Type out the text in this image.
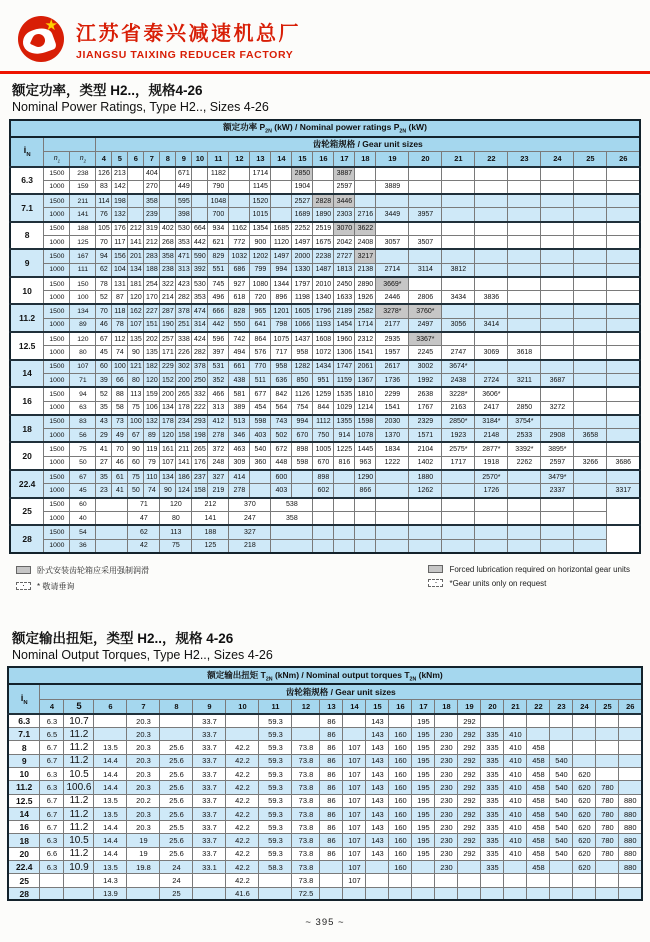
★ 江苏省泰兴减速机总厂
JIANGSU TAIXING REDUCER FACTORY
额定功率，类型 H2..，规格4-26
Nominal Power Ratings, Type H2.., Sizes 4-26
额定功率 $P_{2N}$ (kW) / Nominal power ratings $P_{2N}$ (kW)																									
$i_N$			齿轮箱规格 / Gear unit sizes																						
	$n_1$	$n_2$	4	5	6	7	8	9	10	11	12	13	14	15	16	17	18	19	20	21	22	23	24	25	26
6.3	1500	238	126	213		404		671		1182		1714		2850		3887									
	1000	159	83	142		270		449		790		1145		1904		2597		3889							
7.1	1500	211	114	198		358		595		1048		1520		2527	2828	3446									
	1000	141	76	132		239		398		700		1015		1689	1890	2303	2716	3449	3957						
8	1500	188	105	176	212	319	402	530	664	934	1162	1354	1685	2252	2519	3070	3622								
	1000	125	70	117	141	212	268	353	442	621	772	900	1120	1497	1675	2042	2408	3057	3507						
9	1500	167	94	156	201	283	358	471	590	829	1032	1202	1497	2000	2238	2727	3217								
	1000	111	62	104	134	188	238	313	392	551	686	799	994	1330	1487	1813	2138	2714	3114	3812					
10	1500	150	78	131	181	254	322	423	530	745	927	1080	1344	1797	2010	2450	2890	3669*							
	1000	100	52	87	120	170	214	282	353	496	618	720	896	1198	1340	1633	1926	2446	2806	3434	3836				
11.2	1500	134	70	118	162	227	287	378	474	666	828	965	1201	1605	1796	2189	2582	3278*	3760*						
	1000	89	46	78	107	151	190	251	314	442	550	641	798	1066	1193	1454	1714	2177	2497	3056	3414				
12.5	1500	120	67	112	135	202	257	338	424	596	742	864	1075	1437	1608	1960	2312	2935	3367*						
	1000	80	45	74	90	135	171	226	282	397	494	576	717	958	1072	1306	1541	1957	2245	2747	3069	3618			
14	1500	107	60	100	121	182	229	302	378	531	661	770	958	1282	1434	1747	2061	2617	3002	3674*					
	1000	71	39	66	80	120	152	200	250	352	438	511	636	850	951	1159	1367	1736	1992	2438	2724	3211	3687		
16	1500	94	52	88	113	159	200	265	332	466	581	677	842	1126	1259	1535	1810	2299	2638	3228*	3606*				
	1000	63	35	58	75	106	134	178	222	313	389	454	564	754	844	1029	1214	1541	1767	2163	2417	2850	3272		
18	1500	83	43	73	100	132	178	234	293	412	513	598	743	994	1112	1355	1598	2030	2329	2850*	3184*	3754*			
	1000	56	29	49	67	89	120	158	198	278	346	403	502	670	750	914	1078	1370	1571	1923	2148	2533	2908	3658	
20	1500	75	41	70	90	119	161	211	265	372	463	540	672	898	1005	1225	1445	1834	2104	2575*	2877*	3392*	3895*		
	1000	50	27	46	60	79	107	141	176	248	309	360	448	598	670	816	963	1222	1402	1717	1918	2262	2597	3266	3686
22.4	1500	67	35	61	75	110	134	186	237	327	414		600		898		1290		1880		2570*		3479*		
	1000	45	23	41	50	74	90	124	158	219	278		403		602		866		1262		1726		2337		3317
25	1500	60			71		120		212		370		538												
	1000	40			47		80		141		247		358												
28	1500	54			62		113		188		327														
	1000	36			42		75		125		218														
卧式安装齿轮箱应采用强制润滑
·	* 敬请垂询
Forced lubrication required on horizontal gear units
·	*Gear units only on request
额定输出扭矩，类型 H2..，规格 4-26
Nominal Output Torques, Type H2.., Sizes 4-26
额定输出扭矩 $T_{2N}$ (kNm) / Nominal output torques $T_{2N}$ (kNm)																							
$i_N$	齿轮箱规格 / Gear unit sizes																						
	4	5	6	7	8	9	10	11	12	13	14	15	16	17	18	19	20	21	22	23	24	25	26
6.3	6.3	10.7		20.3		33.7		59.3		86		143		195		292							
7.1	6.5	11.2		20.3		33.7		59.3		86		143	160	195	230	292	335	410					
8	6.7	11.2	13.5	20.3	25.6	33.7	42.2	59.3	73.8	86	107	143	160	195	230	292	335	410	458				
9	6.7	11.2	14.4	20.3	25.6	33.7	42.2	59.3	73.8	86	107	143	160	195	230	292	335	410	458	540			
10	6.3	10.5	14.4	20.3	25.6	33.7	42.2	59.3	73.8	86	107	143	160	195	230	292	335	410	458	540	620		
11.2	6.3	100.6	14.4	20.3	25.6	33.7	42.2	59.3	73.8	86	107	143	160	195	230	292	335	410	458	540	620	780	
12.5	6.7	11.2	13.5	20.2	25.6	33.7	42.2	59.3	73.8	86	107	143	160	195	230	292	335	410	458	540	620	780	880
14	6.7	11.2	13.5	20.3	25.6	33.7	42.2	59.3	73.8	86	107	143	160	195	230	292	335	410	458	540	620	780	880
16	6.7	11.2	14.4	20.3	25.5	33.7	42.2	59.3	73.8	86	107	143	160	195	230	292	335	410	458	540	620	780	880
18	6.3	10.5	14.4	19	25.6	33.7	42.2	59.3	73.8	86	107	143	160	195	230	292	335	410	458	540	620	780	880
20	6.6	11.2	14.4	19	25.6	33.7	42.2	59.3	73.8	86	107	143	160	195	230	292	335	410	458	540	620	780	880
22.4	6.3	10.9	13.5	19.8	24	33.1	42.2	58.3	73.8		107		160		230		335		458		620		880
25			14.3		24		42.2		73.8		107												
28			13.9		25		41.6		72.5														
~ 395 ~
